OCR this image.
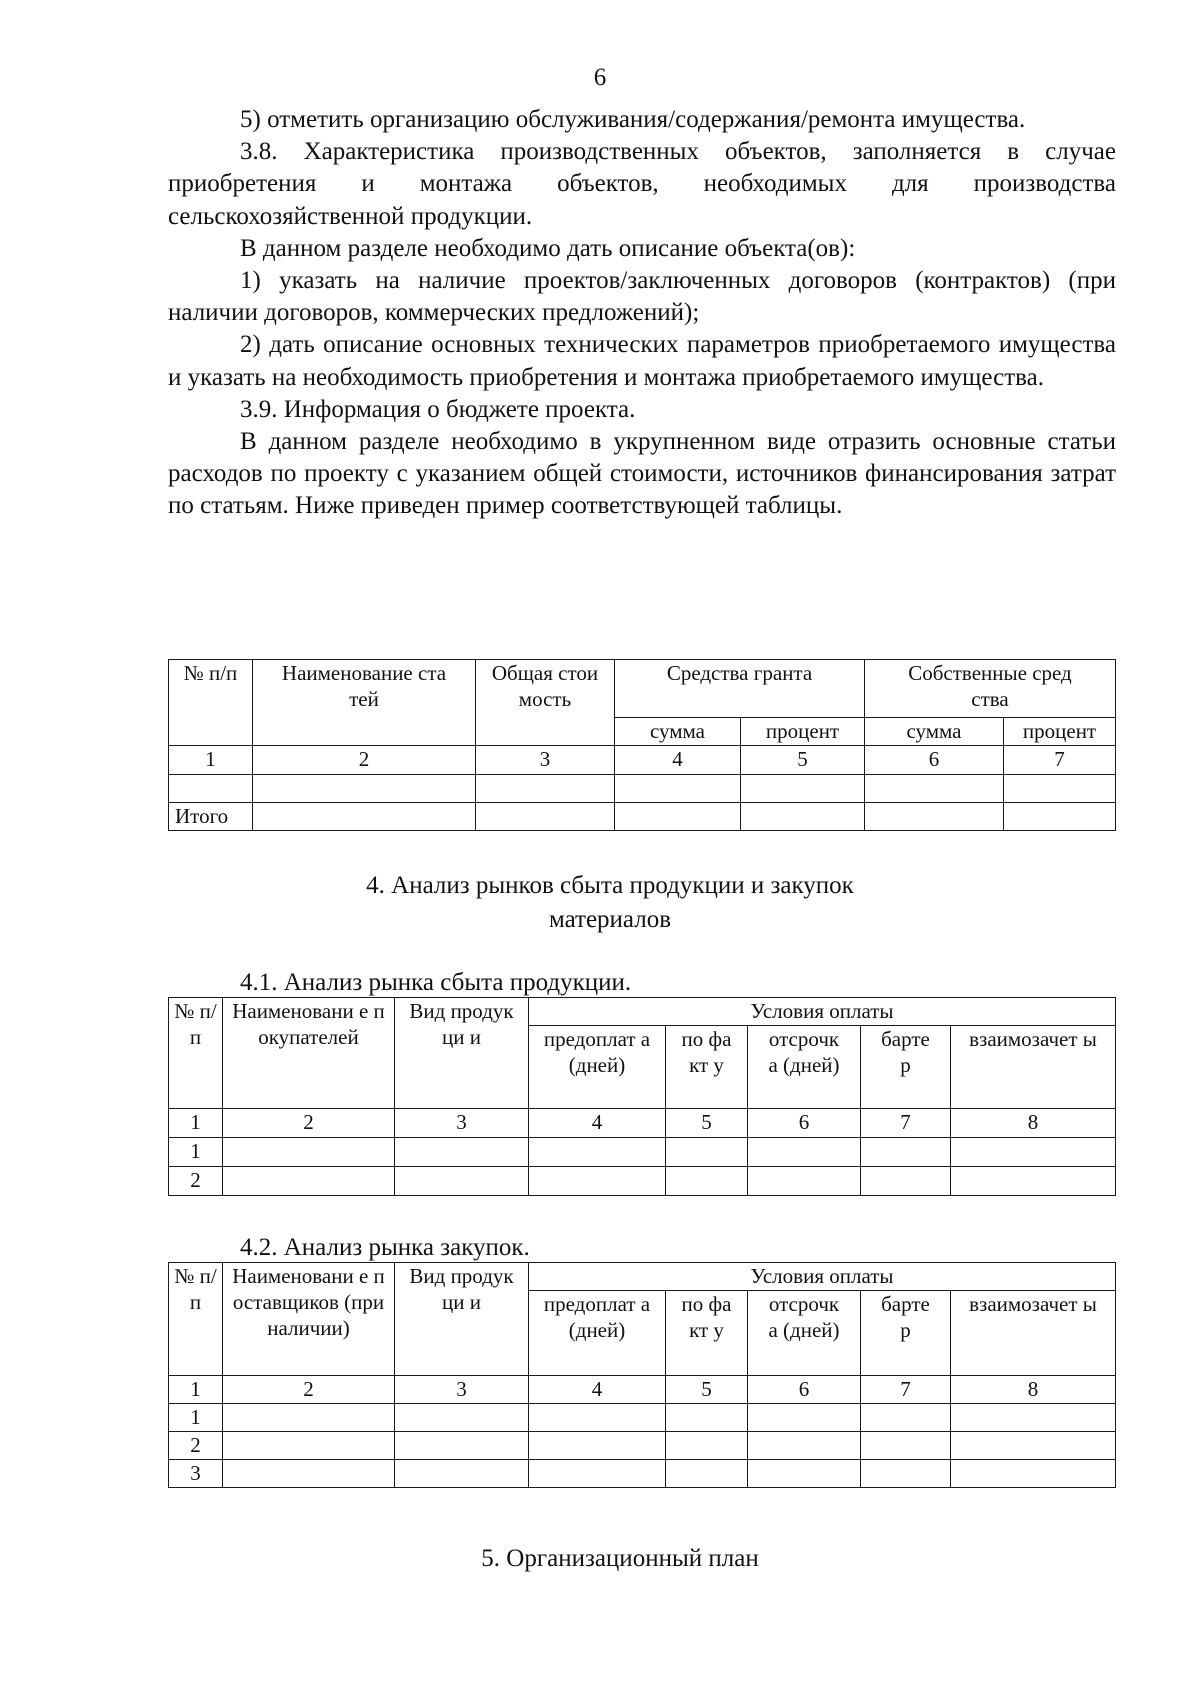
6

5) отметить организацию обслуживания/содержания/ремонта имущества.

3.8. Характеристика производственных объектов, заполняется в случае приобретения и монтажа объектов, необходимых для производства сельскохозяйственной продукции.

В данном разделе необходимо дать описание объекта(ов):

1) указать на наличие проектов/заключенных договоров (контрактов) (при наличии договоров, коммерческих предложений);

2) дать описание основных технических параметров приобретаемого имущества и указать на необходимость приобретения и монтажа приобретаемого имущества.

3.9. Информация о бюджете проекта.

В данном разделе необходимо в укрупненном виде отразить основные статьи расходов по проекту с указанием общей стоимости, источников финансирования затрат по статьям. Ниже приведен пример соответствующей таблицы.

№ п/п	Наименование статей	Общая стоимость	Средства гранта		Собственные средства	
			сумма	процент	сумма	процент
1	2	3	4	5	6	7

Итого						
4. Анализ рынков сбыта продукции и закупок
материалов
4.1. Анализ рынка сбыта продукции.
№ п/ п	Наименовани е покупателей	Вид продукци и	Условия оплаты				
			предоплат а (дней)	по факт у	отсрочк а (дней)	барте р	взаимозачет ы
1	2	3	4	5	6	7	8
1							
2							
4.2. Анализ рынка закупок.
№ п/ п	Наименовани е поставщиков (при наличии)	Вид продукци и	Условия оплаты				
			предоплат а (дней)	по факт у	отсрочк а (дней)	барте р	взаимозачет ы
1	2	3	4	5	6	7	8
1							
2							
3							
5. Организационный план
